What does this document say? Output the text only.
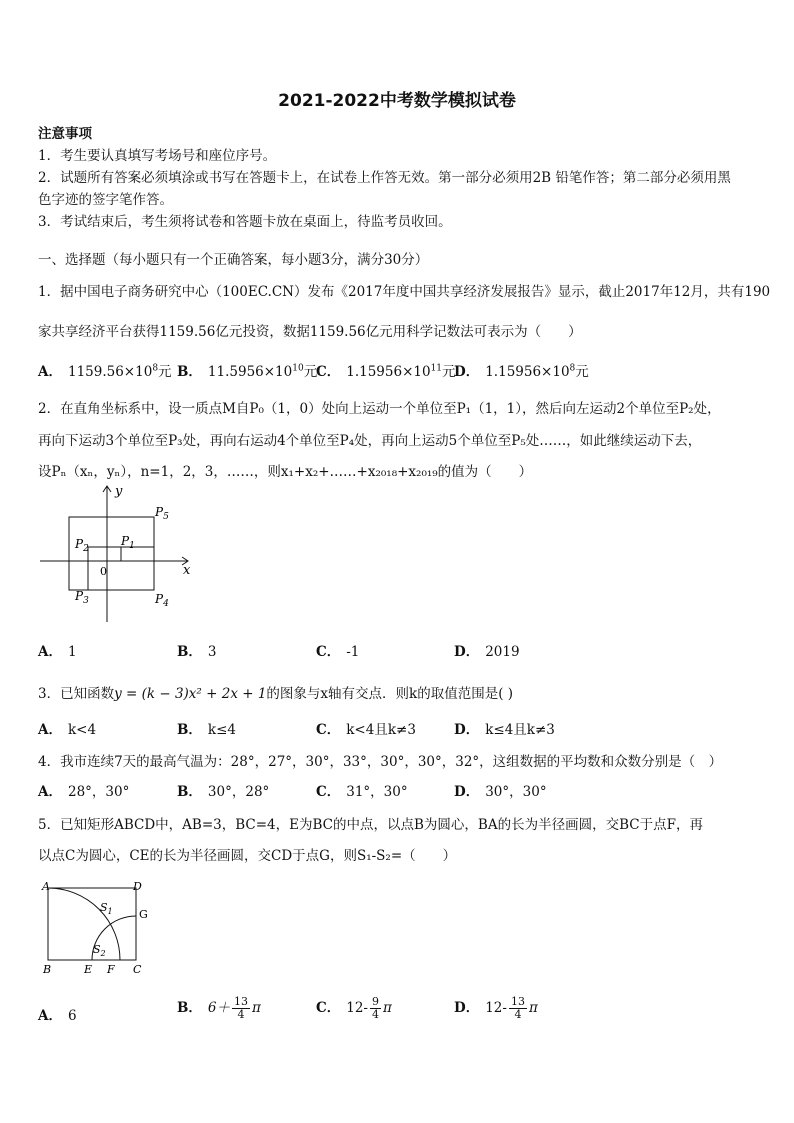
2021-2022中考数学模拟试卷
注意事项
1．考生要认真填写考场号和座位序号。
2．试题所有答案必须填涂或书写在答题卡上，在试卷上作答无效。第一部分必须用2B 铅笔作答；第二部分必须用黑
色字迹的签字笔作答。
3．考试结束后，考生须将试卷和答题卡放在桌面上，待监考员收回。
一、选择题（每小题只有一个正确答案，每小题3分，满分30分）
1．据中国电子商务研究中心（100EC.CN）发布《2017年度中国共享经济发展报告》显示，截止2017年12月，共有190
家共享经济平台获得1159.56亿元投资，数据1159.56亿元用科学记数法可表示为（　　）
A． $1159.56\times 10^8$元 B． $11.5956\times 10^{10}$元
C． $1.15956\times 10^{11}$元
D． $1.15956\times 10^8$元
2．在直角坐标系中，设一质点M自P₀（1，0）处向上运动一个单位至P₁（1，1），然后向左运动2个单位至P₂处，
再向下运动3个单位至P₃处，再向右运动4个单位至P₄处，再向上运动5个单位至P₅处……，如此继续运动下去，
设Pₙ（xₙ，yₙ），n=1，2，3，……，则x₁+x₂+……+x₂₀₁₈+x₂₀₁₉的值为（　　）
y
x
0
$P_1$
$P_2$
$P_3$	$P_4$
$P_5$
A． 1	B． 3	C． -1	D． 2019
3．已知函数y = (k − 3)x² + 2x + 1的图象与x轴有交点．则k的取值范围是( )
A． k<4	B． k≤4	C． k<4且k≠3	D． k≤4且k≠3
4．我市连续7天的最高气温为：28°，27°，30°，33°，30°，30°，32°，这组数据的平均数和众数分别是（　）
A． 28°，30°	B． 30°，28°	C． 31°，30°	D． 30°，30°
5．已知矩形ABCD中，AB=3，BC=4，E为BC的中点，以点B为圆心，BA的长为半径画圆，交BC于点F，再
以点C为圆心，CE的长为半径画圆，交CD于点G，则S₁-S₂=（　　）
A	D
G
B	E F C
$S_1$
$S_2$
A． 6	B． $6+ \frac{13}{4}$ π	C． $12- \frac{9}{4}$ π	D． $12- \frac{13}{4}$ π
